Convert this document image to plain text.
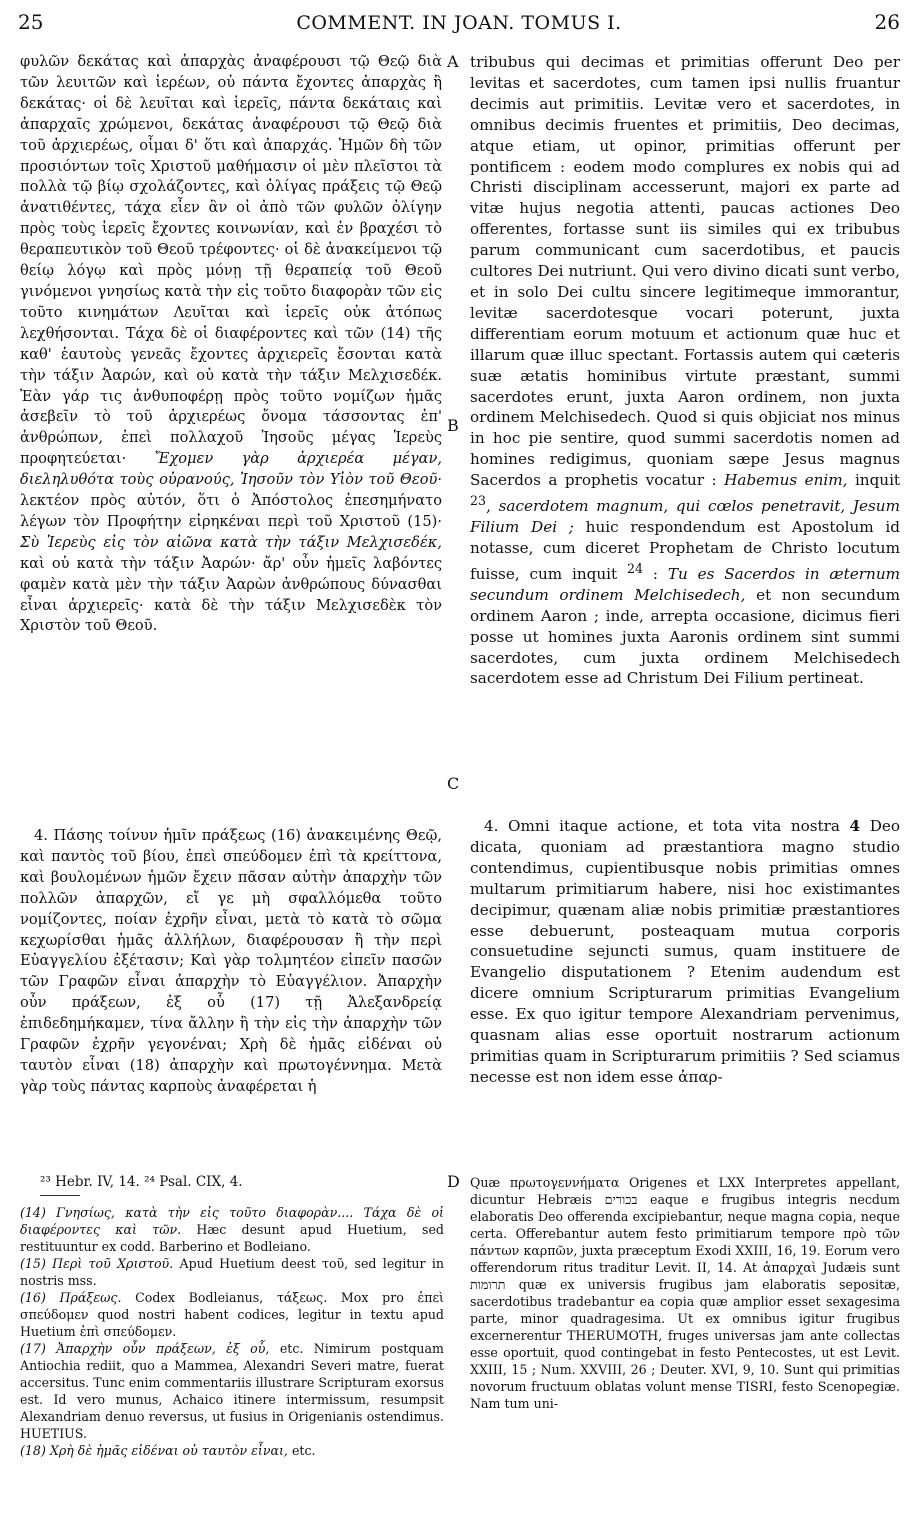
25	COMMENT. IN JOAN. TOMUS I.	26

φυλῶν δεκάτας καὶ ἀπαρχὰς ἀναφέρουσι τῷ Θεῷ διὰ τῶν λευιτῶν καὶ ἱερέων, οὐ πάντα ἔχοντες ἀπαρχὰς ἢ δεκάτας· οἱ δὲ λευῖται καὶ ἱερεῖς, πάντα δεκάταις καὶ ἀπαρχαῖς χρώμενοι, δεκάτας ἀναφέρουσι τῷ Θεῷ διὰ τοῦ ἀρχιερέως, οἶμαι δ' ὅτι καὶ ἀπαρχάς. Ἡμῶν δὴ τῶν προσιόντων τοῖς Χριστοῦ μαθήμασιν οἱ μὲν πλεῖστοι τὰ πολλὰ τῷ βίῳ σχολάζοντες, καὶ ὀλίγας πράξεις τῷ Θεῷ ἀνατιθέντες, τάχα εἶεν ἂν οἱ ἀπὸ τῶν φυλῶν ὀλίγην πρὸς τοὺς ἱερεῖς ἔχοντες κοινωνίαν, καὶ ἐν βραχέσι τὸ θεραπευτικὸν τοῦ Θεοῦ τρέφοντες· οἱ δὲ ἀνακείμενοι τῷ θείῳ λόγῳ καὶ πρὸς μόνῃ τῇ θεραπείᾳ τοῦ Θεοῦ γινόμενοι γνησίως κατὰ τὴν εἰς τοῦτο διαφορὰν τῶν εἰς τοῦτο κινημάτων Λευῖται καὶ ἱερεῖς οὐκ ἀτόπως λεχθήσονται. Τάχα δὲ οἱ διαφέροντες καὶ τῶν (14) τῆς καθ' ἑαυτοὺς γενεᾶς ἔχοντες ἀρχιερεῖς ἔσονται κατὰ τὴν τάξιν Ἀαρών, καὶ οὐ κατὰ τὴν τάξιν Μελχισεδέκ. Ἐὰν γάρ τις ἀνθυποφέρῃ πρὸς τοῦτο νομίζων ἡμᾶς ἀσεβεῖν τὸ τοῦ ἀρχιερέως ὄνομα τάσσοντας ἐπ' ἀνθρώπων, ἐπεὶ πολλαχοῦ Ἰησοῦς μέγας Ἱερεὺς προφητεύεται· Ἔχομεν γὰρ ἀρχιερέα μέγαν, διεληλυθότα τοὺς οὐρανούς, Ἰησοῦν τὸν Υἱὸν τοῦ Θεοῦ· λεκτέον πρὸς αὐτόν, ὅτι ὁ Ἀπόστολος ἐπεσημήνατο λέγων τὸν Προφήτην εἰρηκέναι περὶ τοῦ Χριστοῦ (15)· Σὺ Ἱερεὺς εἰς τὸν αἰῶνα κατὰ τὴν τάξιν Μελχισεδέκ, καὶ οὐ κατὰ τὴν τάξιν Ἀαρών· ἄρ' οὖν ἡμεῖς λαβόντες φαμὲν κατὰ μὲν τὴν τάξιν Ἀαρὼν ἀνθρώπους δύνασθαι εἶναι ἀρχιερεῖς· κατὰ δὲ τὴν τάξιν Μελχισεδὲκ τὸν Χριστὸν τοῦ Θεοῦ.

4. Πάσης τοίνυν ἡμῖν πράξεως (16) ἀνακειμένης Θεῷ, καὶ παντὸς τοῦ βίου, ἐπεὶ σπεύδομεν ἐπὶ τὰ κρείττονα, καὶ βουλομένων ἡμῶν ἔχειν πᾶσαν αὐτὴν ἀπαρχὴν τῶν πολλῶν ἀπαρχῶν, εἴ γε μὴ σφαλλόμεθα τοῦτο νομίζοντες, ποίαν ἐχρῆν εἶναι, μετὰ τὸ κατὰ τὸ σῶμα κεχωρίσθαι ἡμᾶς ἀλλήλων, διαφέρουσαν ἢ τὴν περὶ Εὐαγγελίου ἐξέτασιν; Καὶ γὰρ τολμητέον εἰπεῖν πασῶν τῶν Γραφῶν εἶναι ἀπαρχὴν τὸ Εὐαγγέλιον. Ἀπαρχὴν οὖν πράξεων, ἐξ οὗ (17) τῇ Ἀλεξανδρείᾳ ἐπιδεδημήκαμεν, τίνα ἄλλην ἢ τὴν εἰς τὴν ἀπαρχὴν τῶν Γραφῶν ἐχρῆν γεγονέναι; Χρὴ δὲ ἡμᾶς εἰδέναι οὐ ταυτὸν εἶναι (18) ἀπαρχὴν καὶ πρωτογέννημα. Μετὰ γὰρ τοὺς πάντας καρποὺς ἀναφέρεται ἡ

A
B
C
D

tribubus qui decimas et primitias offerunt Deo per levitas et sacerdotes, cum tamen ipsi nullis fruantur decimis aut primitiis. Levitæ vero et sacerdotes, in omnibus decimis fruentes et primitiis, Deo decimas, atque etiam, ut opinor, primitias offerunt per pontificem : eodem modo complures ex nobis qui ad Christi disciplinam accesserunt, majori ex parte ad vitæ hujus negotia attenti, paucas actiones Deo offerentes, fortasse sunt iis similes qui ex tribubus parum communicant cum sacerdotibus, et paucis cultores Dei nutriunt. Qui vero divino dicati sunt verbo, et in solo Dei cultu sincere legitimeque immorantur, levitæ sacerdotesque vocari poterunt, juxta differentiam eorum motuum et actionum quæ huc et illarum quæ illuc spectant. Fortassis autem qui cæteris suæ ætatis hominibus virtute præstant, summi sacerdotes erunt, juxta Aaron ordinem, non juxta ordinem Melchisedech. Quod si quis objiciat nos minus in hoc pie sentire, quod summi sacerdotis nomen ad homines redigimus, quoniam sæpe Jesus magnus Sacerdos a prophetis vocatur : Habemus enim, inquit $^{23}$, sacerdotem magnum, qui cœlos penetravit, Jesum Filium Dei ; huic respondendum est Apostolum id notasse, cum diceret Prophetam de Christo locutum fuisse, cum inquit $^{24}$ : Tu es Sacerdos in æternum secundum ordinem Melchisedech, et non secundum ordinem Aaron ; inde, arrepta occasione, dicimus fieri posse ut homines juxta Aaronis ordinem sint summi sacerdotes, cum juxta ordinem Melchisedech sacerdotem esse ad Christum Dei Filium pertineat.

4. Omni itaque actione, et tota vita nostra 4 Deo dicata, quoniam ad præstantiora magno studio contendimus, cupientibusque nobis primitias omnes multarum primitiarum habere, nisi hoc existimantes decipimur, quænam aliæ nobis primitiæ præstantiores esse debuerunt, posteaquam mutua corporis consuetudine sejuncti sumus, quam instituere de Evangelio disputationem ? Etenim audendum est dicere omnium Scripturarum primitias Evangelium esse. Ex quo igitur tempore Alexandriam pervenimus, quasnam alias esse oportuit nostrarum actionum primitias quam in Scripturarum primitiis ? Sed sciamus necesse est non idem esse ἀπαρ-

²³ Hebr. IV, 14. ²⁴ Psal. CIX, 4.

(14) Γνησίως, κατὰ τὴν εἰς τοῦτο διαφορὰν.... Τάχα δὲ οἱ διαφέροντες καὶ τῶν. Hæc desunt apud Huetium, sed restituuntur ex codd. Barberino et Bodleiano.

(15) Περὶ τοῦ Χριστοῦ. Apud Huetium deest τοῦ, sed legitur in nostris mss.

(16) Πράξεως. Codex Bodleianus, τάξεως. Mox pro ἐπεὶ σπεύδομεν quod nostri habent codices, legitur in textu apud Huetium ἐπὶ σπεύδομεν.

(17) Ἀπαρχὴν οὖν πράξεων, ἐξ οὗ, etc. Nimirum postquam Antiochia rediit, quo a Mammea, Alexandri Severi matre, fuerat accersitus. Tunc enim commentariis illustrare Scripturam exorsus est. Id vero munus, Achaico itinere intermissum, resumpsit Alexandriam denuo reversus, ut fusius in Origenianis ostendimus. HUETIUS.

(18) Χρὴ δὲ ἡμᾶς εἰδέναι οὐ ταυτὸν εἶναι, etc.

Quæ πρωτογεννήματα Origenes et LXX Interpretes appellant, dicuntur Hebræis בכורים eaque e frugibus integris necdum elaboratis Deo offerenda excipiebantur, neque magna copia, neque certa. Offerebantur autem festo primitiarum tempore πρὸ τῶν πάντων καρπῶν, juxta præceptum Exodi XXIII, 16, 19. Eorum vero offerendorum ritus traditur Levit. II, 14. At ἀπαρχαὶ Judæis sunt תרומות quæ ex universis frugibus jam elaboratis sepositæ, sacerdotibus tradebantur ea copia quæ amplior esset sexagesima parte, minor quadragesima. Ut ex omnibus igitur frugibus excernerentur THERUMOTH, fruges universas jam ante collectas esse oportuit, quod contingebat in festo Pentecostes, ut est Levit. XXIII, 15 ; Num. XXVIII, 26 ; Deuter. XVI, 9, 10. Sunt qui primitias novorum fructuum oblatas volunt mense TISRI, festo Scenopegiæ. Nam tum uni-
